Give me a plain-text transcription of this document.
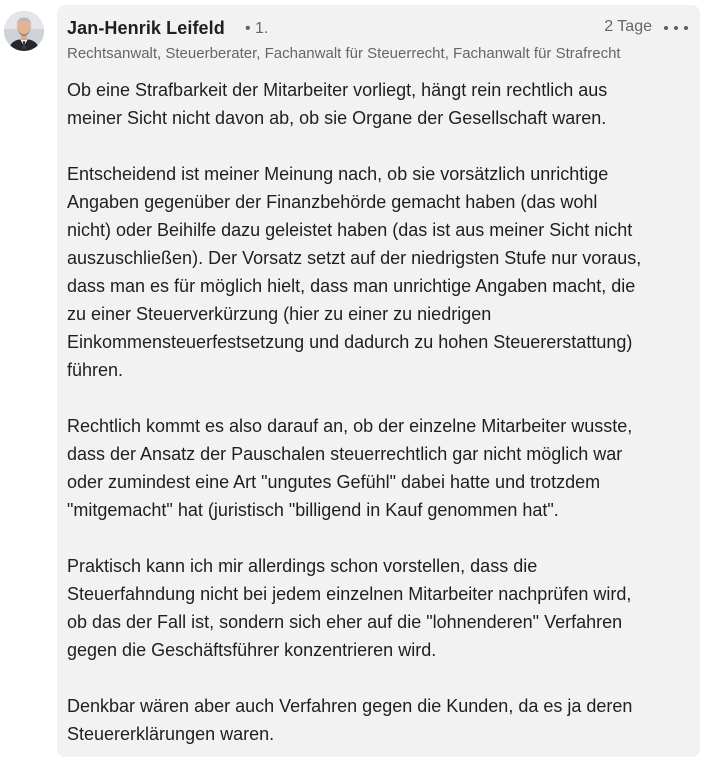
Jan-Henrik Leifeld • 1.	2 Tage
Rechtsanwalt, Steuerberater, Fachanwalt für Steuerrecht, Fachanwalt für Strafrecht

Ob eine Strafbarkeit der Mitarbeiter vorliegt, hängt rein rechtlich aus
meiner Sicht nicht davon ab, ob sie Organe der Gesellschaft waren.

Entscheidend ist meiner Meinung nach, ob sie vorsätzlich unrichtige
Angaben gegenüber der Finanzbehörde gemacht haben (das wohl
nicht) oder Beihilfe dazu geleistet haben (das ist aus meiner Sicht nicht
auszuschließen). Der Vorsatz setzt auf der niedrigsten Stufe nur voraus,
dass man es für möglich hielt, dass man unrichtige Angaben macht, die
zu einer Steuerverkürzung (hier zu einer zu niedrigen
Einkommensteuerfestsetzung und dadurch zu hohen Steuererstattung)
führen.

Rechtlich kommt es also darauf an, ob der einzelne Mitarbeiter wusste,
dass der Ansatz der Pauschalen steuerrechtlich gar nicht möglich war
oder zumindest eine Art "ungutes Gefühl" dabei hatte und trotzdem
"mitgemacht" hat (juristisch "billigend in Kauf genommen hat".

Praktisch kann ich mir allerdings schon vorstellen, dass die
Steuerfahndung nicht bei jedem einzelnen Mitarbeiter nachprüfen wird,
ob das der Fall ist, sondern sich eher auf die "lohnenderen" Verfahren
gegen die Geschäftsführer konzentrieren wird.

Denkbar wären aber auch Verfahren gegen die Kunden, da es ja deren
Steuererklärungen waren.
